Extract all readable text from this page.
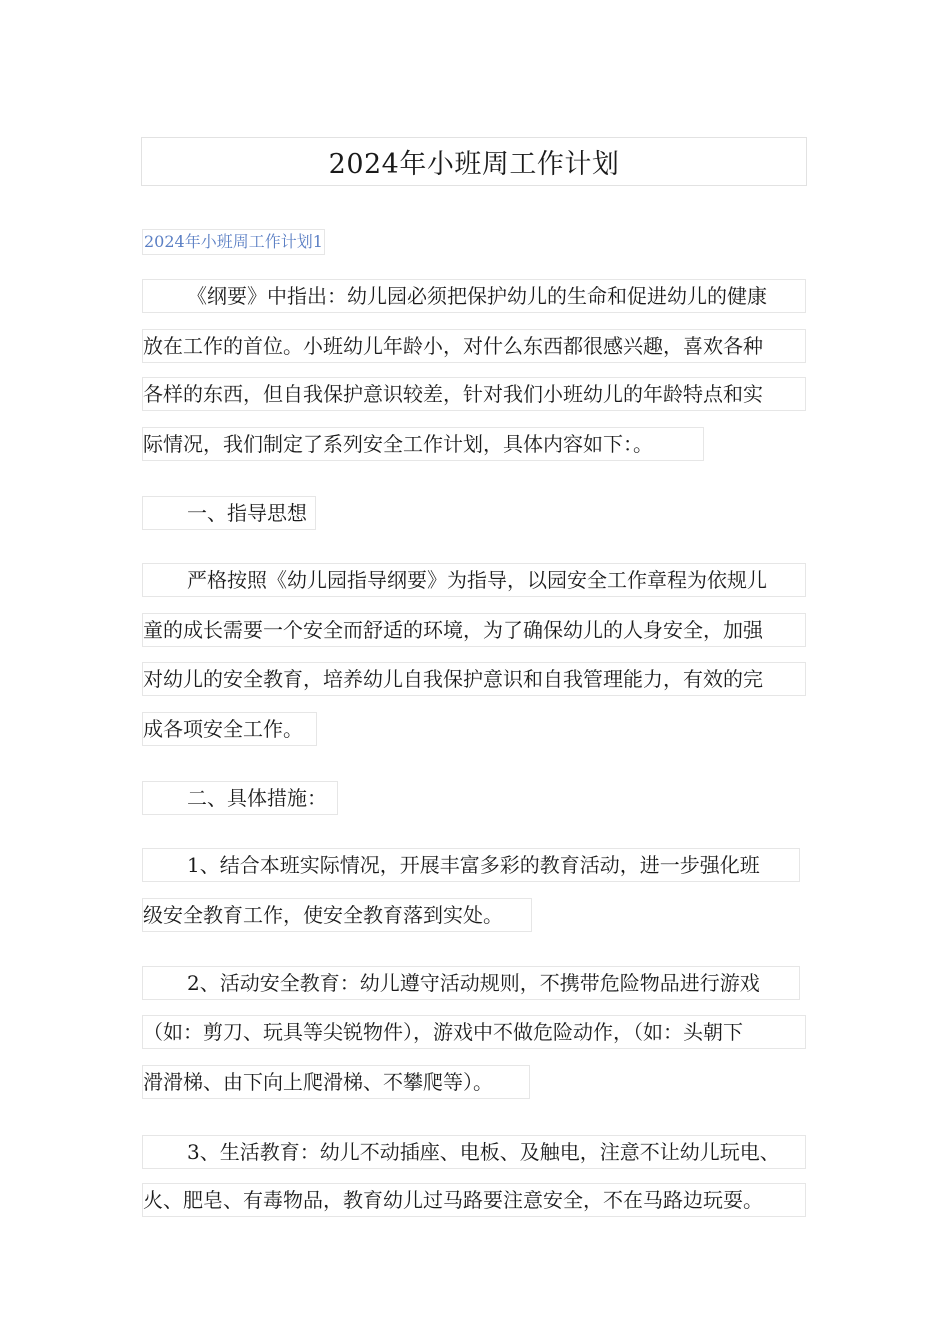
2024年小班周工作计划
2024年小班周工作计划1
《纲要》中指出：幼儿园必须把保护幼儿的生命和促进幼儿的健康
放在工作的首位。小班幼儿年龄小，对什么东西都很感兴趣，喜欢各种
各样的东西，但自我保护意识较差，针对我们小班幼儿的年龄特点和实
际情况，我们制定了系列安全工作计划，具体内容如下：。
一、指导思想
严格按照《幼儿园指导纲要》为指导，以园安全工作章程为依规儿
童的成长需要一个安全而舒适的环境，为了确保幼儿的人身安全，加强
对幼儿的安全教育，培养幼儿自我保护意识和自我管理能力，有效的完
成各项安全工作。
二、具体措施：
1、结合本班实际情况，开展丰富多彩的教育活动，进一步强化班
级安全教育工作，使安全教育落到实处。
2、活动安全教育：幼儿遵守活动规则，不携带危险物品进行游戏
（如：剪刀、玩具等尖锐物件），游戏中不做危险动作，（如：头朝下
滑滑梯、由下向上爬滑梯、不攀爬等）。
3、生活教育：幼儿不动插座、电板、及触电，注意不让幼儿玩电、
火、肥皂、有毒物品，教育幼儿过马路要注意安全，不在马路边玩耍。
